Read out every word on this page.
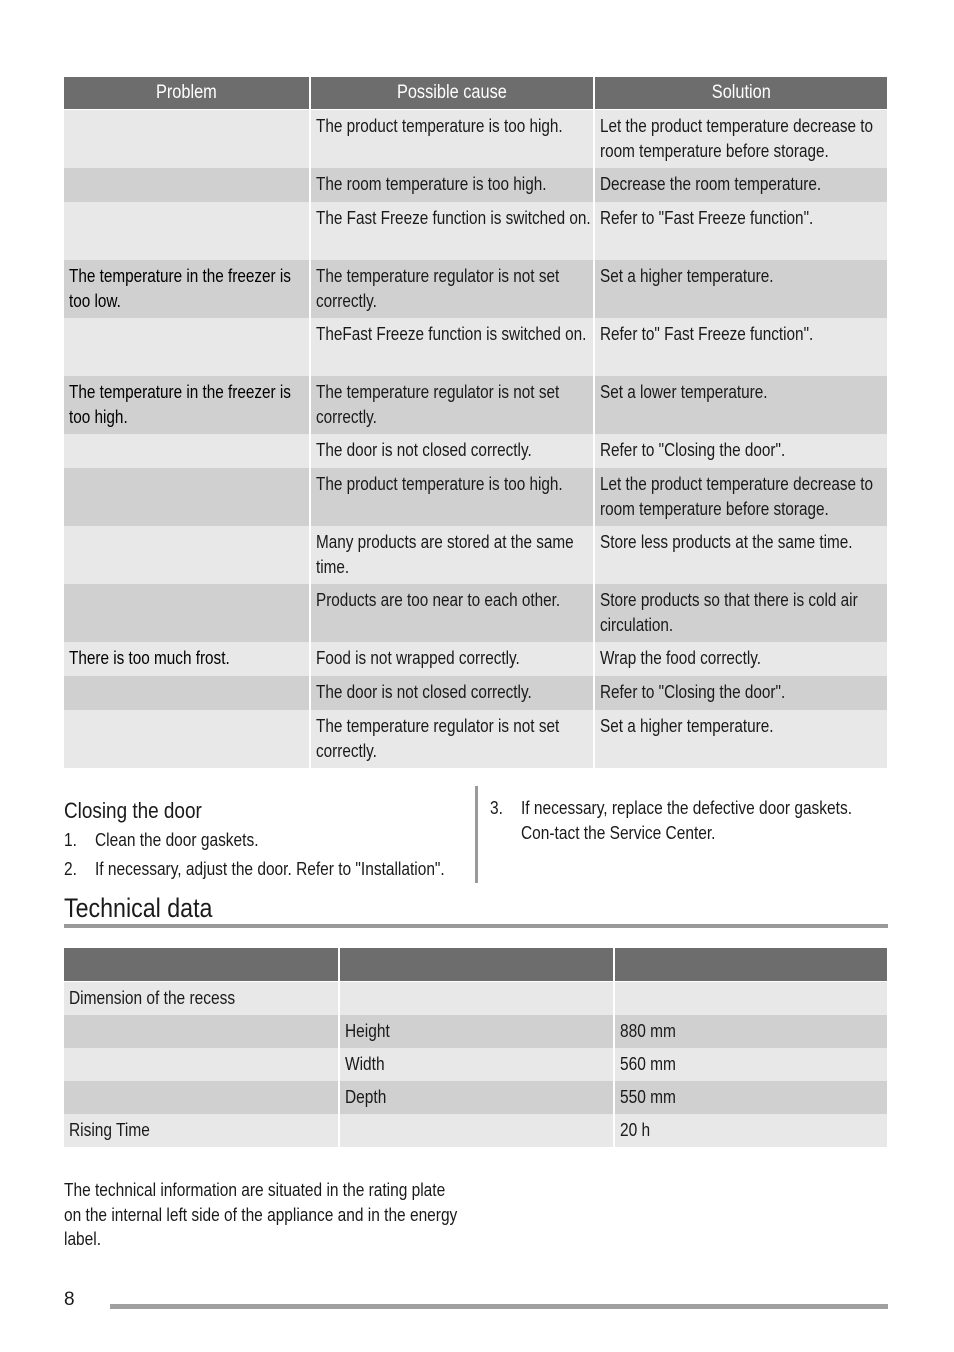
Problem	Possible cause	Solution

	The product temperature is too high.	Let the product temperature decrease to room temperature before storage.

	The room temperature is too high.	Decrease the room temperature.

	The Fast Freeze function is switched on.	Refer to "Fast Freeze function".

The temperature in the freezer is too low.	The temperature regulator is not set correctly.	Set a higher temperature.

	TheFast Freeze function is switched on.	Refer to" Fast Freeze function".

The temperature in the freezer is too high.	The temperature regulator is not set correctly.	Set a lower temperature.

	The door is not closed correctly.	Refer to "Closing the door".

	The product temperature is too high.	Let the product temperature decrease to room temperature before storage.

	Many products are stored at the same time.	Store less products at the same time.

	Products are too near to each other.	Store products so that there is cold air circulation.

There is too much frost.	Food is not wrapped correctly.	Wrap the food correctly.

	The door is not closed correctly.	Refer to "Closing the door".

	The temperature regulator is not set correctly.	Set a higher temperature.
Closing the door
1. Clean the door gaskets.
2. If necessary, adjust the door. Refer to "Installation".
3. If necessary, replace the defective door gaskets. Con-tact the Service Center.
Technical data

Dimension of the recess		
	Height	880 mm
	Width	560 mm
	Depth	550 mm
Rising Time		20 h
The technical information are situated in the rating plate on the internal left side of the appliance and in the energy label.
8
